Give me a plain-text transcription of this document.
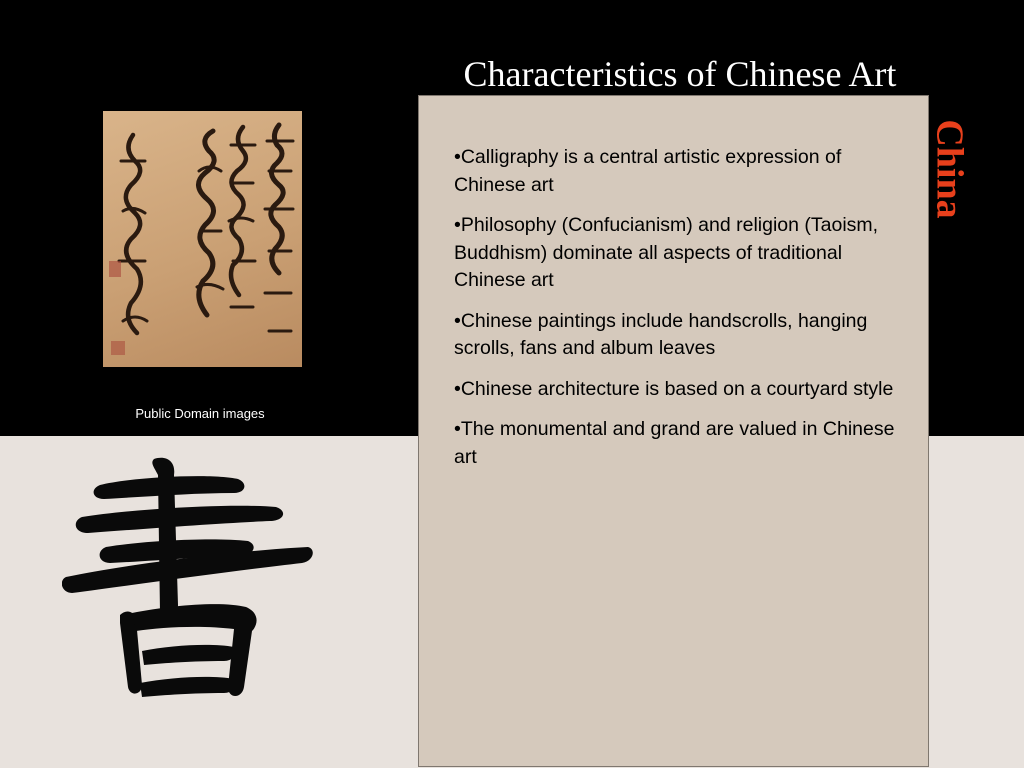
Characteristics of Chinese Art
China
Public Domain images
•Calligraphy is a central artistic expression of Chinese art
•Philosophy (Confucianism) and religion (Taoism, Buddhism) dominate all aspects of traditional Chinese art
•Chinese paintings include handscrolls, hanging scrolls, fans and album leaves
•Chinese architecture is based on a courtyard style
•The monumental and grand are valued in Chinese art
